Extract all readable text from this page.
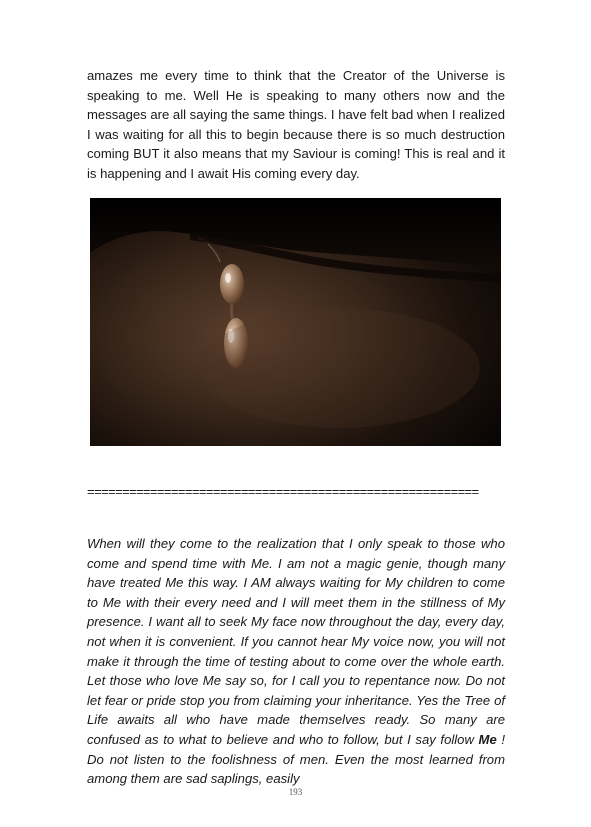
amazes me every time to think that the Creator of the Universe is speaking to me. Well He is speaking to many others now and the messages are all saying the same things. I have felt bad when I realized I was waiting for all this to begin because there is so much destruction coming BUT it also means that my Saviour is coming! This is real and it is happening and I await His coming every day.

========================================================

When will they come to the realization that I only speak to those who come and spend time with Me. I am not a magic genie, though many have treated Me this way. I AM always waiting for My children to come to Me with their every need and I will meet them in the stillness of My presence. I want all to seek My face now throughout the day, every day, not when it is convenient. If you cannot hear My voice now, you will not make it through the time of testing about to come over the whole earth. Let those who love Me say so, for I call you to repentance now. Do not let fear or pride stop you from claiming your inheritance. Yes the Tree of Life awaits all who have made themselves ready. So many are confused as to what to believe and who to follow, but I say follow Me ! Do not listen to the foolishness of men. Even the most learned from among them are sad saplings, easily

193
